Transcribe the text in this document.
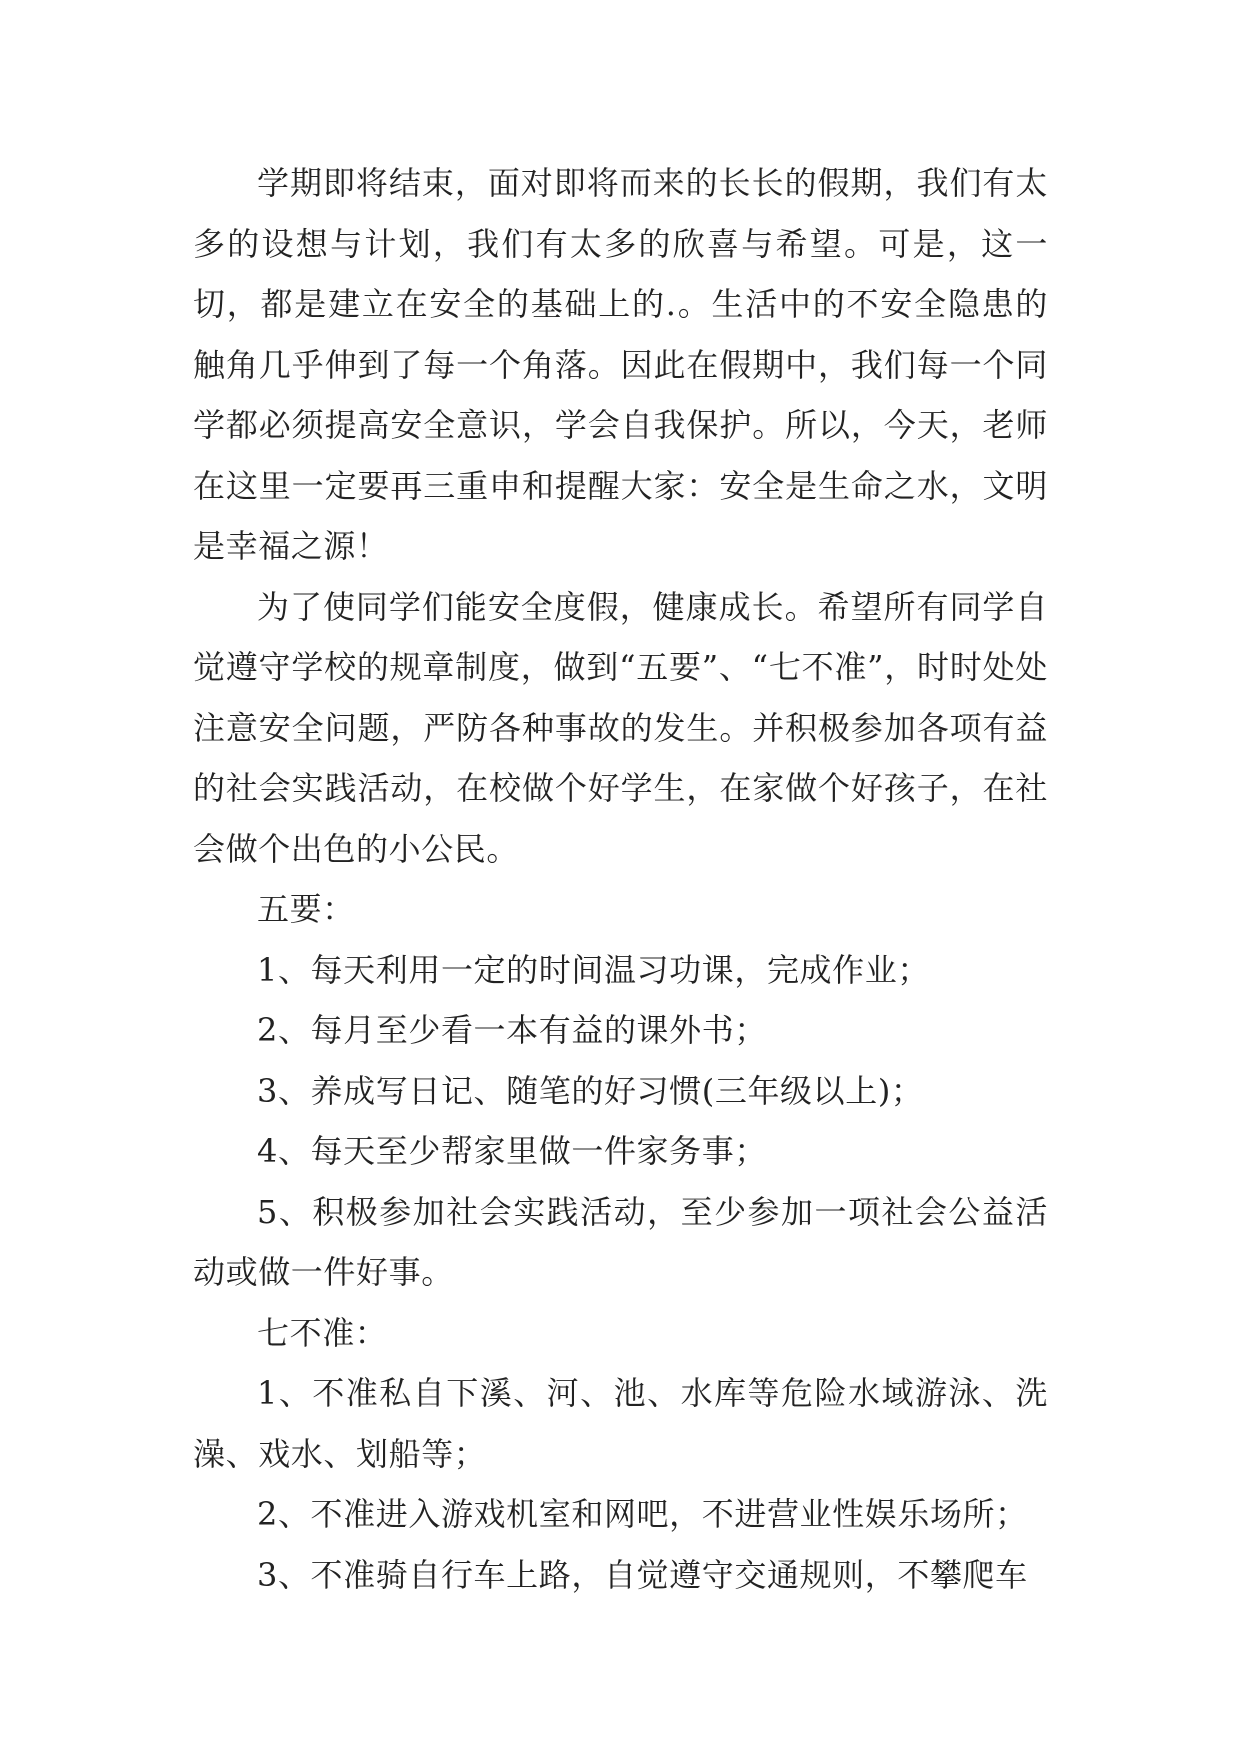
学期即将结束，面对即将而来的长长的假期，我们有太多的设想与计划，我们有太多的欣喜与希望。可是，这一切，都是建立在安全的基础上的.。生活中的不安全隐患的触角几乎伸到了每一个角落。因此在假期中，我们每一个同学都必须提高安全意识，学会自我保护。所以，今天，老师在这里一定要再三重申和提醒大家：安全是生命之水，文明是幸福之源！

为了使同学们能安全度假，健康成长。希望所有同学自觉遵守学校的规章制度，做到“五要”、“七不准”，时时处处注意安全问题，严防各种事故的发生。并积极参加各项有益的社会实践活动，在校做个好学生，在家做个好孩子，在社会做个出色的小公民。

五要：

1、每天利用一定的时间温习功课，完成作业；

2、每月至少看一本有益的课外书；

3、养成写日记、随笔的好习惯(三年级以上)；

4、每天至少帮家里做一件家务事；

5、积极参加社会实践活动，至少参加一项社会公益活动或做一件好事。

七不准：

1、不准私自下溪、河、池、水库等危险水域游泳、洗澡、戏水、划船等；

2、不准进入游戏机室和网吧，不进营业性娱乐场所；

3、不准骑自行车上路，自觉遵守交通规则，不攀爬车
